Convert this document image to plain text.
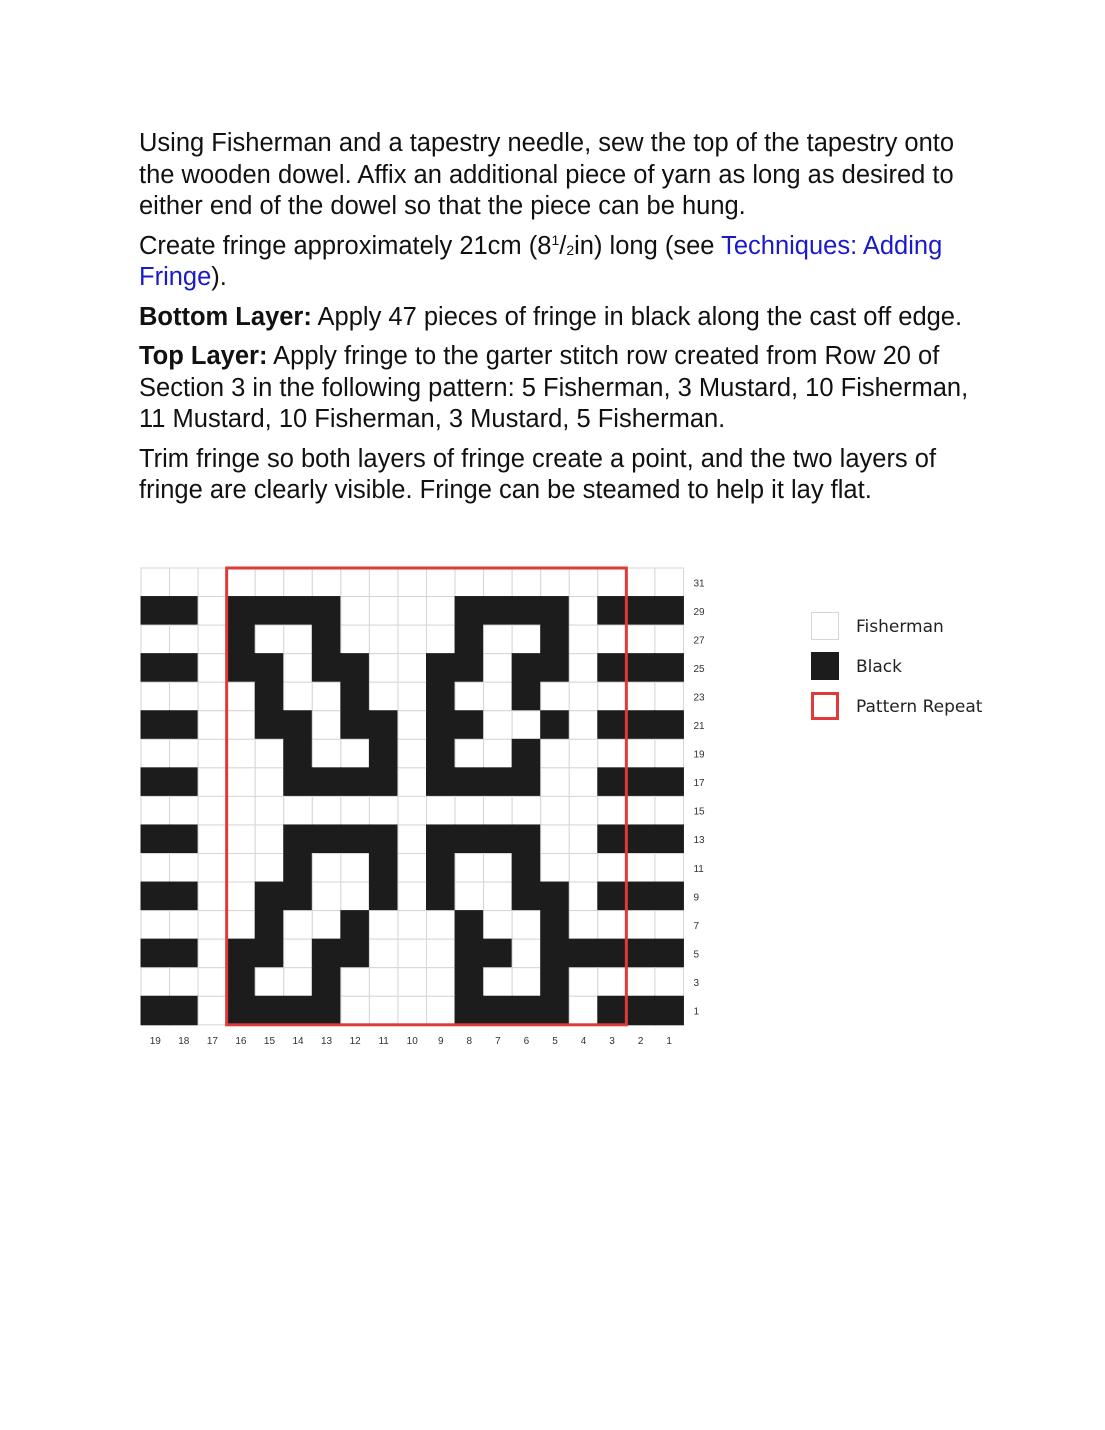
Using Fisherman and a tapestry needle, sew the top of the tapestry onto the wooden dowel. Affix an additional piece of yarn as long as desired to either end of the dowel so that the piece can be hung.

Create fringe approximately 21cm $(8^1/_2in)$ long (see Techniques: Adding Fringe).

Bottom Layer: Apply 47 pieces of fringe in black along the cast off edge.

Top Layer: Apply fringe to the garter stitch row created from Row 20 of Section 3 in the following pattern: 5 Fisherman, 3 Mustard, 10 Fisherman, 11 Mustard, 10 Fisherman, 3 Mustard, 5 Fisherman.

Trim fringe so both layers of fringe create a point, and the two layers of fringe are clearly visible. Fringe can be steamed to help it lay flat.

31
29
27
25
23
21
19
17
15
13
11
9
7
5
3
1
19 18 17 16 15 14 13 12 11 10 9 8 7 6 5 4 3 2 1
Fisherman
Black
Pattern Repeat
